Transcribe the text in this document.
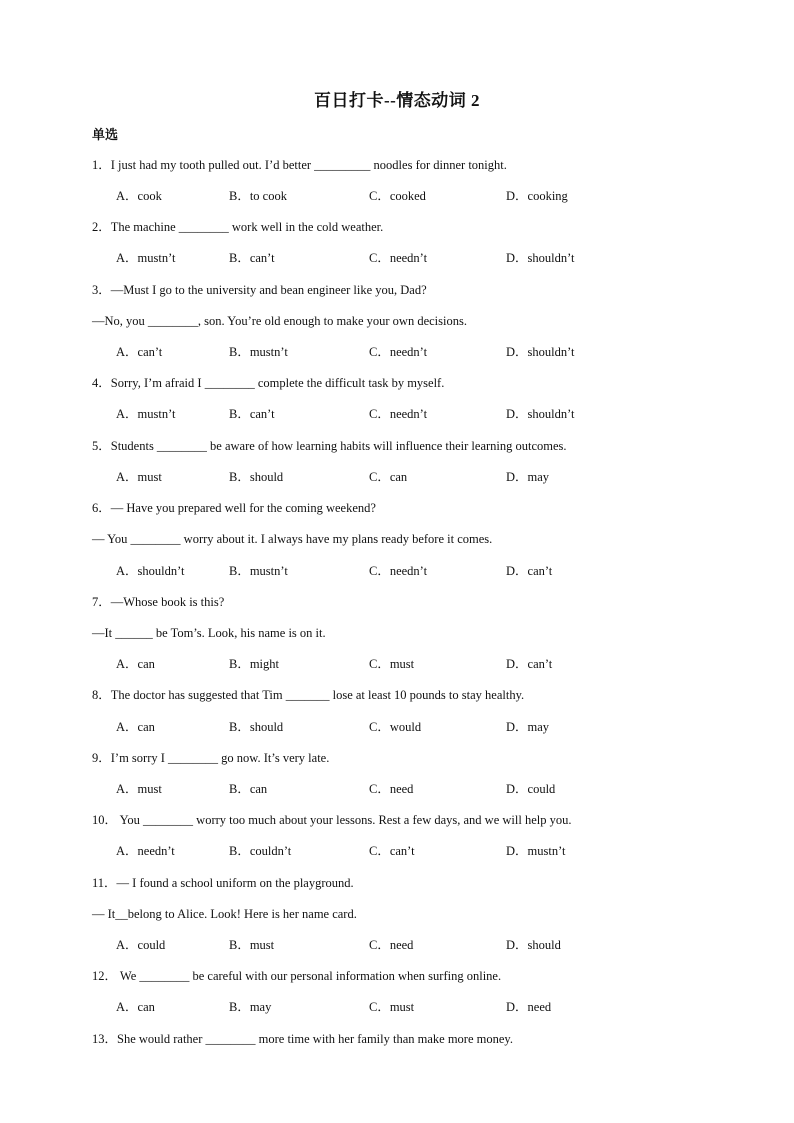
百日打卡--情态动词 2
单选
1．I just had my tooth pulled out. I’d better _________ noodles for dinner tonight.
A．cook	B．to cook	C．cooked	D．cooking
2．The machine ________ work well in the cold weather.
A．mustn’t	B．can’t	C．needn’t	D．shouldn’t
3．—Must I go to the university and bean engineer like you, Dad?
—No, you ________, son. You’re old enough to make your own decisions.
A．can’t	B．mustn’t	C．needn’t	D．shouldn’t
4．Sorry, I’m afraid I ________ complete the difficult task by myself.
A．mustn’t	B．can’t	C．needn’t	D．shouldn’t
5．Students ________ be aware of how learning habits will influence their learning outcomes.
A．must	B．should	C．can	D．may
6．— Have you prepared well for the coming weekend?
— You ________ worry about it. I always have my plans ready before it comes.
A．shouldn’t	B．mustn’t	C．needn’t	D．can’t
7．—Whose book is this?
—It ______ be Tom’s. Look, his name is on it.
A．can	B．might	C．must	D．can’t
8．The doctor has suggested that Tim _______ lose at least 10 pounds to stay healthy.
A．can	B．should	C．would	D．may
9．I’m sorry I ________ go now. It’s very late.
A．must	B．can	C．need	D．could
10． You ________ worry too much about your lessons. Rest a few days, and we will help you.
A．needn’t	B．couldn’t	C．can’t	D．mustn’t
11．— I found a school uniform on the playground.
— It__belong to Alice. Look! Here is her name card.
A．could	B．must	C．need	D．should
12． We ________ be careful with our personal information when surfing online.
A．can	B．may	C．must	D．need
13．She would rather ________ more time with her family than make more money.
